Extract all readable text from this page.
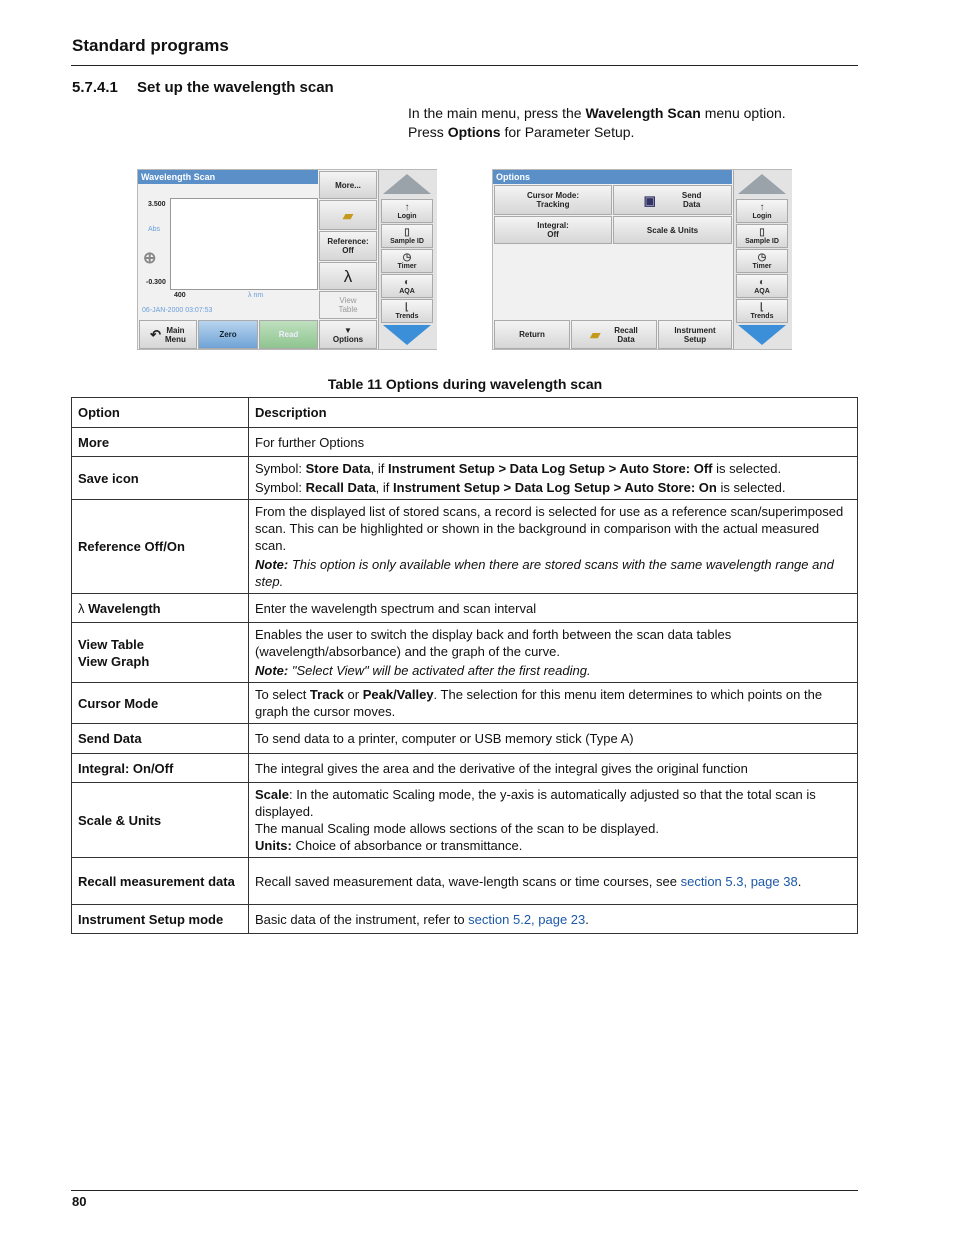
Standard programs
5.7.4.1 Set up the wavelength scan
In the main menu, press the Wavelength Scan menu option.
Press Options for Parameter Setup.
Wavelength Scan
3.500
Abs
⊕
-0.300
400	λ nm
06-JAN-2000 03:07:53
More...
▰
Reference:
Off
λ
View
Table
▼
Options
↶ Main
Menu	Zero	Read
↑
Login
▯
Sample ID
◷
Timer
◐
AQA
⌊
Trends
Options
Cursor Mode:
Tracking	▣	Send
Data
Integral:
Off	Scale & Units
Return	▰ Recall
Data
Instrument
Setup
↑
Login
▯
Sample ID
◷
Timer
◐
AQA
⌊
Trends
Table 11 Options during wavelength scan
Option	Description
More	For further Options
Save icon	Symbol: Store Data, if Instrument Setup > Data Log Setup > Auto Store: Off is selected.
Symbol: Recall Data, if Instrument Setup > Data Log Setup > Auto Store: On is selected.

Reference Off/On	From the displayed list of stored scans, a record is selected for use as a reference scan/superimposed scan. This can be highlighted or shown in the background in comparison with the actual measured scan.
Note: This option is only available when there are stored scans with the same wavelength range and step.

λ Wavelength	Enter the wavelength spectrum and scan interval

View Table
View Graph	Enables the user to switch the display back and forth between the scan data tables (wavelength/absorbance) and the graph of the curve.
Note: "Select View" will be activated after the first reading.

Cursor Mode	To select Track or Peak/Valley. The selection for this menu item determines to which points on the graph the cursor moves.
Send Data	To send data to a printer, computer or USB memory stick (Type A)
Integral: On/Off	The integral gives the area and the derivative of the integral gives the original function
Scale & Units	Scale: In the automatic Scaling mode, the y-axis is automatically adjusted so that the total scan is displayed.
The manual Scaling mode allows sections of the scan to be displayed.
Units: Choice of absorbance or transmittance.

Recall measurement data	Recall saved measurement data, wave-length scans or time courses, see section 5.3, page 38.
Instrument Setup mode	Basic data of the instrument, refer to section 5.2, page 23.
80
